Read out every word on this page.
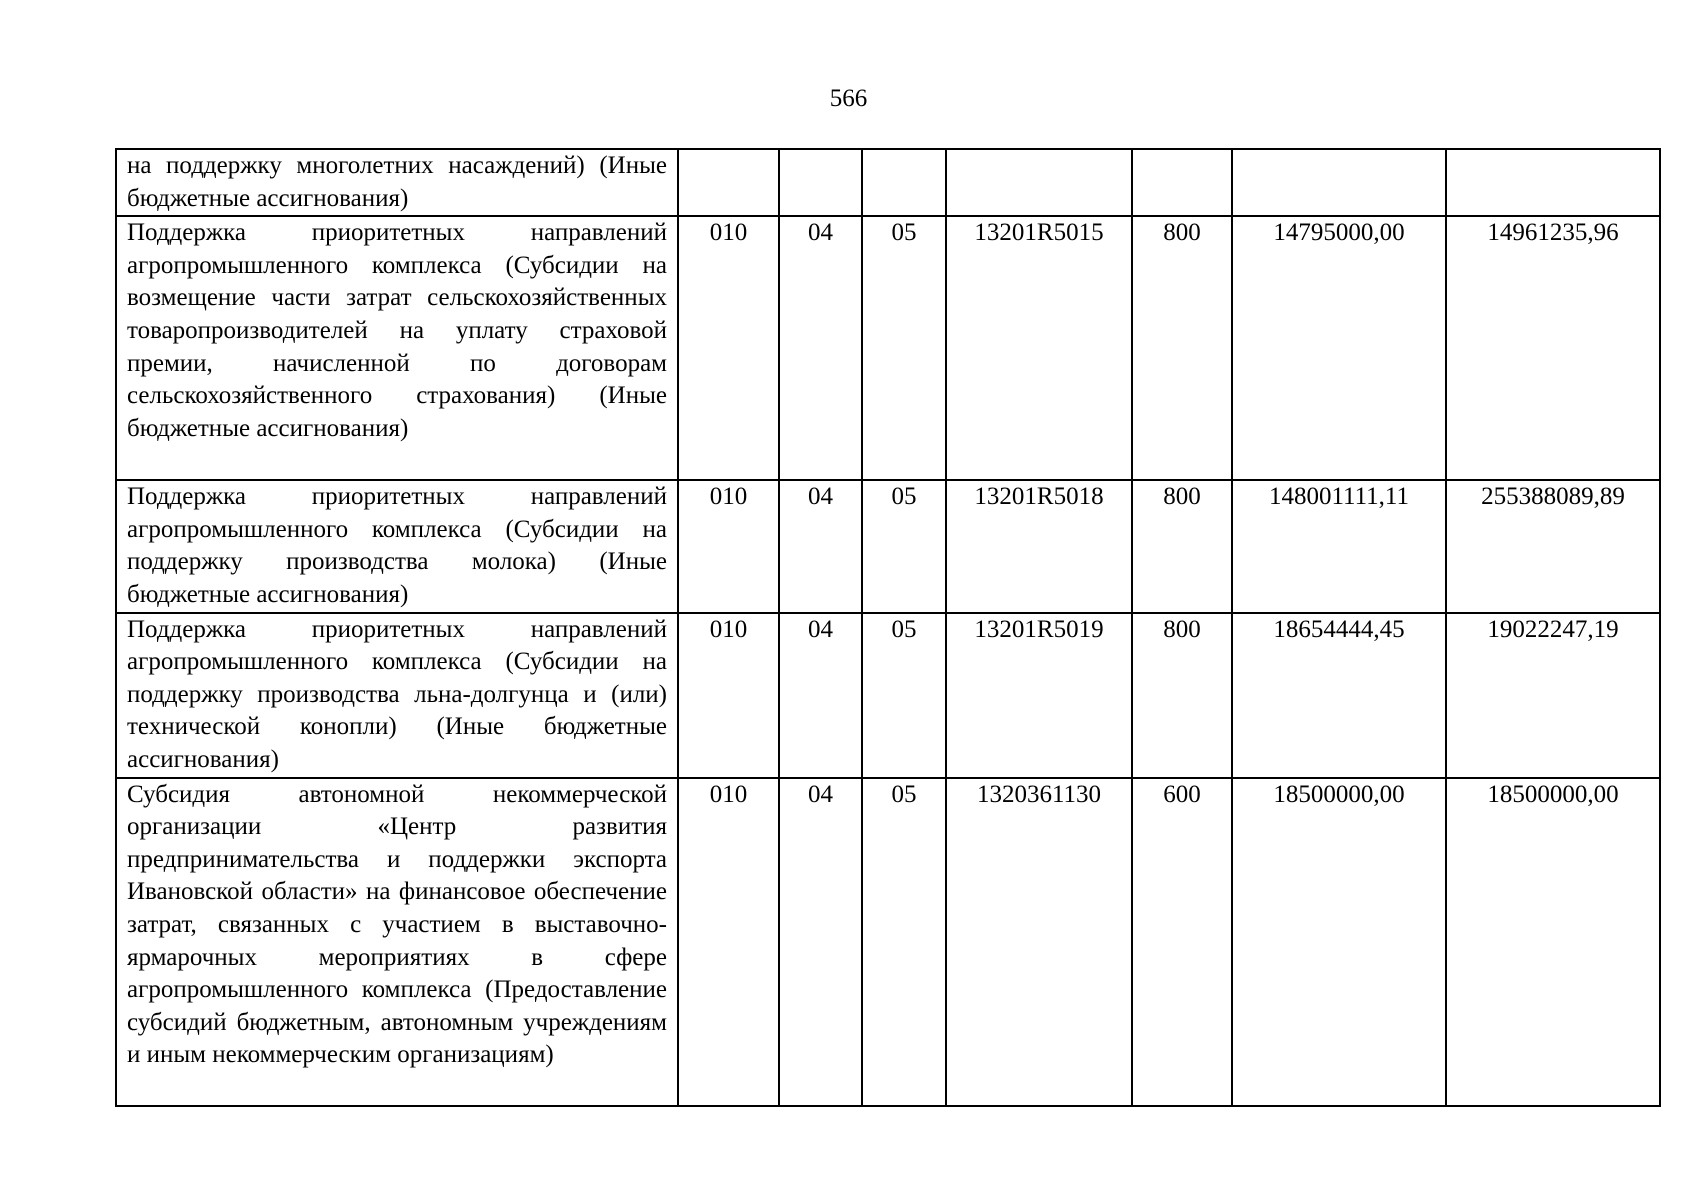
566
на поддержку многолетних насаждений) (Иные бюджетные ассигнования)							
Поддержка приоритетных направлений агропромышленного комплекса (Субсидии на возмещение части затрат сельскохозяйственных товаропроизводителей на уплату страховой премии, начисленной по договорам сельскохозяйственного страхования) (Иные бюджетные ассигнования)	010	04	05	13201R5015	800	14795000,00	14961235,96
Поддержка приоритетных направлений агропромышленного комплекса (Субсидии на поддержку производства молока) (Иные бюджетные ассигнования)	010	04	05	13201R5018	800	148001111,11	255388089,89
Поддержка приоритетных направлений агропромышленного комплекса (Субсидии на поддержку производства льна-долгунца и (или) технической конопли) (Иные бюджетные ассигнования)	010	04	05	13201R5019	800	18654444,45	19022247,19
Субсидия автономной некоммерческой организации «Центр развития предпринимательства и поддержки экспорта Ивановской области» на финансовое обеспечение затрат, связанных с участием в выставочно-ярмарочных мероприятиях в сфере агропромышленного комплекса (Предоставление субсидий бюджетным, автономным учреждениям и иным некоммерческим организациям)	010	04	05	1320361130	600	18500000,00	18500000,00
